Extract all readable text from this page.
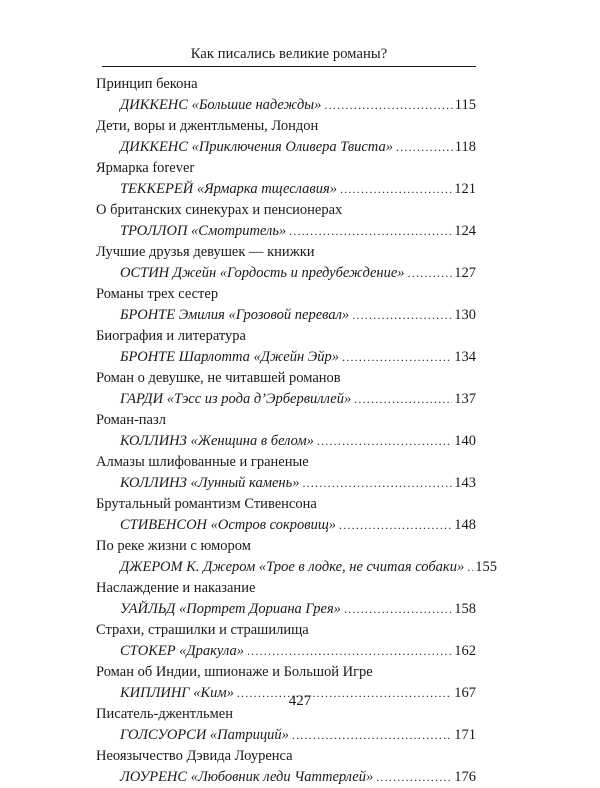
Как писались великие романы?
Принцип бекона
ДИККЕНС «Большие надежды» .....	115
Дети, воры и джентльмены, Лондон
ДИККЕНС «Приключения Оливера Твиста» .....	118
Ярмарка forever
ТЕККЕРЕЙ «Ярмарка тщеславия» .....	121
О британских синекурах и пенсионерах
ТРОЛЛОП «Смотритель» .....	124
Лучшие друзья девушек — книжки
ОСТИН Джейн «Гордость и предубеждение» .....	127
Романы трех сестер
БРОНТЕ Эмилия «Грозовой перевал» .....	130
Биография и литература
БРОНТЕ Шарлотта «Джейн Эйр» .....	134
Роман о девушке, не читавшей романов
ГАРДИ «Тэсс из рода д’Эрбервиллей» .....	137
Роман-пазл
КОЛЛИНЗ «Женщина в белом» .....	140
Алмазы шлифованные и граненые
КОЛЛИНЗ «Лунный камень» .....	143
Брутальный романтизм Стивенсона
СТИВЕНСОН «Остров сокровищ» .....	148
По реке жизни с юмором
ДЖЕРОМ К. Джером «Трое в лодке, не считая собаки» ..... 155
Наслаждение и наказание
УАЙЛЬД «Портрет Дориана Грея» .....	158
Страхи, страшилки и страшилища
СТОКЕР «Дракула» .....	162
Роман об Индии, шпионаже и Большой Игре
КИПЛИНГ «Ким» .....	167
Писатель-джентльмен
ГОЛСУОРСИ «Патриций» .....	171
Неоязычество Дэвида Лоуренса
ЛОУРЕНС «Любовник леди Чаттерлей» .....	176
427
